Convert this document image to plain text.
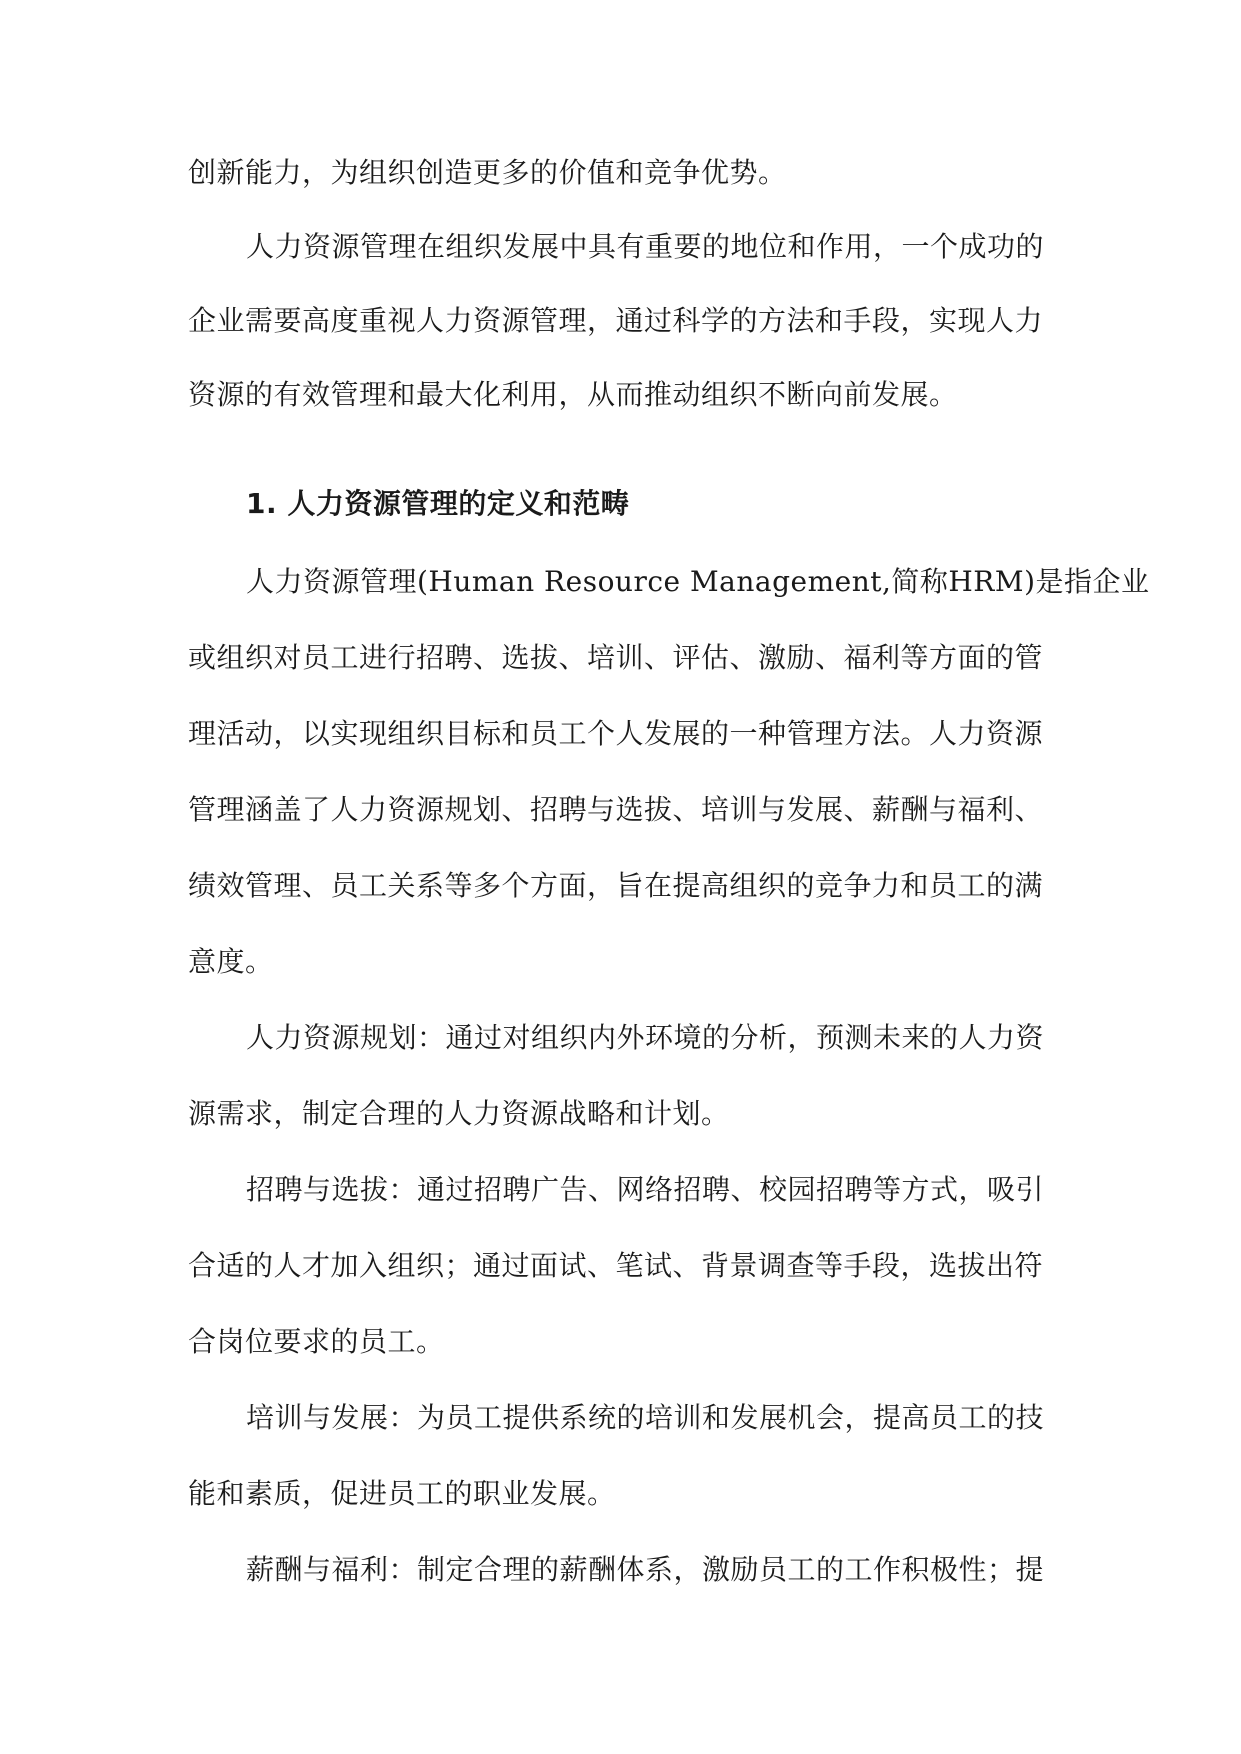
创新能力，为组织创造更多的价值和竞争优势。
人力资源管理在组织发展中具有重要的地位和作用，一个成功的
企业需要高度重视人力资源管理，通过科学的方法和手段，实现人力
资源的有效管理和最大化利用，从而推动组织不断向前发展。
1. 人力资源管理的定义和范畴
人力资源管理(Human Resource Management,简称HRM)是指企业
或组织对员工进行招聘、选拔、培训、评估、激励、福利等方面的管
理活动，以实现组织目标和员工个人发展的一种管理方法。人力资源
管理涵盖了人力资源规划、招聘与选拔、培训与发展、薪酬与福利、
绩效管理、员工关系等多个方面，旨在提高组织的竞争力和员工的满
意度。
人力资源规划：通过对组织内外环境的分析，预测未来的人力资
源需求，制定合理的人力资源战略和计划。
招聘与选拔：通过招聘广告、网络招聘、校园招聘等方式，吸引
合适的人才加入组织；通过面试、笔试、背景调查等手段，选拔出符
合岗位要求的员工。
培训与发展：为员工提供系统的培训和发展机会，提高员工的技
能和素质，促进员工的职业发展。
薪酬与福利：制定合理的薪酬体系，激励员工的工作积极性；提
